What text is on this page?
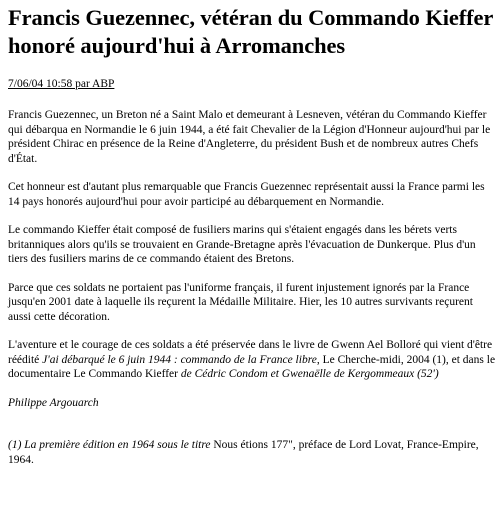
Francis Guezennec, vétéran du Commando Kieffer honoré aujourd'hui à Arromanches
7/06/04 10:58 par ABP

Francis Guezennec, un Breton né a Saint Malo et demeurant à Lesneven, vétéran du Commando Kieffer qui débarqua en Normandie le 6 juin 1944, a été fait Chevalier de la Légion d'Honneur aujourd'hui par le président Chirac en présence de la Reine d'Angleterre, du président Bush et de nombreux autres Chefs d'État.

Cet honneur est d'autant plus remarquable que Francis Guezennec représentait aussi la France parmi les 14 pays honorés aujourd'hui pour avoir participé au débarquement en Normandie.

Le commando Kieffer était composé de fusiliers marins qui s'étaient engagés dans les bérets verts britanniques alors qu'ils se trouvaient en Grande-Bretagne après l'évacuation de Dunkerque. Plus d'un tiers des fusiliers marins de ce commando étaient des Bretons.

Parce que ces soldats ne portaient pas l'uniforme français, il furent injustement ignorés par la France jusqu'en 2001 date à laquelle ils reçurent la Médaille Militaire. Hier, les 10 autres survivants reçurent aussi cette décoration.

L'aventure et le courage de ces soldats a été préservée dans le livre de Gwenn Ael Bolloré qui vient d'être réédité J'ai débarqué le 6 juin 1944 : commando de la France libre, Le Cherche-midi, 2004 (1), et dans le documentaire Le Commando Kieffer de Cédric Condom et Gwenaëlle de Kergommeaux (52')

Philippe Argouarch

(1) La première édition en 1964 sous le titre Nous étions 177", préface de Lord Lovat, France-Empire, 1964.
